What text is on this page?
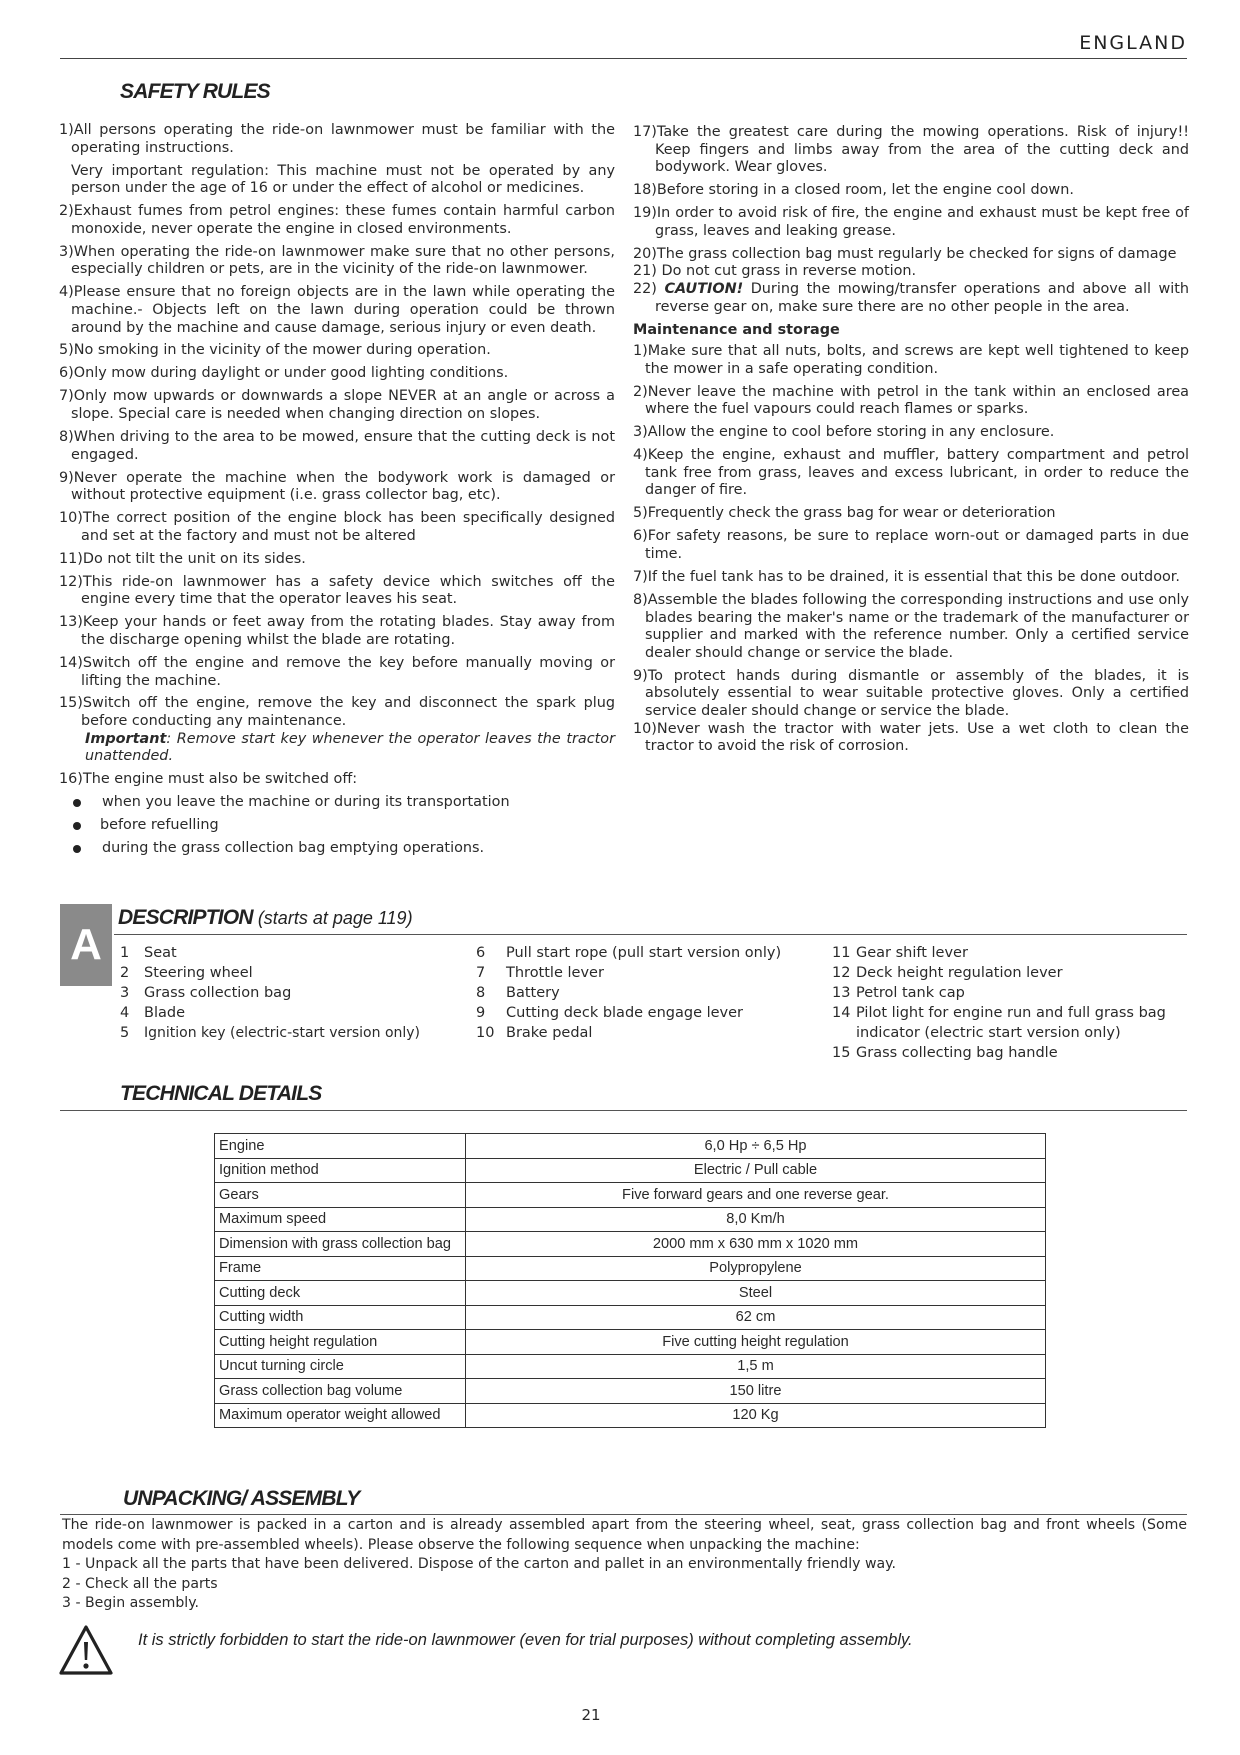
ENGLAND
SAFETY RULES

1)All persons operating the ride-on lawnmower must be familiar with the operating instructions.

Very important regulation: This machine must not be operated by any person under the age of 16 or under the effect of alcohol or medicines.

2)Exhaust fumes from petrol engines: these fumes contain harmful carbon monoxide, never operate the engine in closed environments.

3)When operating the ride-on lawnmower make sure that no other persons, especially children or pets, are in the vicinity of the ride-on lawnmower.

4)Please ensure that no foreign objects are in the lawn while operating the machine.- Objects left on the lawn during operation could be thrown around by the machine and cause damage, serious injury or even death.

5)No smoking in the vicinity of the mower during operation.

6)Only mow during daylight or under good lighting conditions.

7)Only mow upwards or downwards a slope NEVER at an angle or across a slope. Special care is needed when changing direction on slopes.

8)When driving to the area to be mowed, ensure that the cutting deck is not engaged.

9)Never operate the machine when the bodywork work is damaged or without protective equipment (i.e. grass collector bag, etc).

10)The correct position of the engine block has been specifically designed and set at the factory and must not be altered

11)Do not tilt the unit on its sides.

12)This ride-on lawnmower has a safety device which switches off the engine every time that the operator leaves his seat.

13)Keep your hands or feet away from the rotating blades. Stay away from the discharge opening whilst the blade are rotating.

14)Switch off the engine and remove the key before manually moving or lifting the machine.

15)Switch off the engine, remove the key and disconnect the spark plug before conducting any maintenance.

Important: Remove start key whenever the operator leaves the tractor unattended.

16)The engine must also be switched off:

when you leave the machine or during its transportation
before refuelling
during the grass collection bag emptying operations.

17)Take the greatest care during the mowing operations. Risk of injury!! Keep fingers and limbs away from the area of the cutting deck and bodywork. Wear gloves.

18)Before storing in a closed room, let the engine cool down.

19)In order to avoid risk of fire, the engine and exhaust must be kept free of grass, leaves and leaking grease.

20)The grass collection bag must regularly be checked for signs of damage

21) Do not cut grass in reverse motion.

22) CAUTION! During the mowing/transfer operations and above all with reverse gear on, make sure there are no other people in the area.

Maintenance and storage

1)Make sure that all nuts, bolts, and screws are kept well tightened to keep the mower in a safe operating condition.

2)Never leave the machine with petrol in the tank within an enclosed area where the fuel vapours could reach flames or sparks.

3)Allow the engine to cool before storing in any enclosure.

4)Keep the engine, exhaust and muffler, battery compartment and petrol tank free from grass, leaves and excess lubricant, in order to reduce the danger of fire.

5)Frequently check the grass bag for wear or deterioration

6)For safety reasons, be sure to replace worn-out or damaged parts in due time.

7)If the fuel tank has to be drained, it is essential that this be done outdoor.

8)Assemble the blades following the corresponding instructions and use only blades bearing the maker's name or the trademark of the manufacturer or supplier and marked with the reference number. Only a certified service dealer should change or service the blade.

9)To protect hands during dismantle or assembly of the blades, it is absolutely essential to wear suitable protective gloves. Only a certified service dealer should change or service the blade.

10)Never wash the tractor with water jets. Use a wet cloth to clean the tractor to avoid the risk of corrosion.

A
DESCRIPTION (starts at page 119)
1	Seat
2	Steering wheel
3	Grass collection bag
4	Blade
5	Ignition key (electric-start version only)
6	Pull start rope (pull start version only)
7	Throttle lever
8	Battery
9	Cutting deck blade engage lever
10 Brake pedal
11 Gear shift lever
12 Deck height regulation lever
13 Petrol tank cap
14 Pilot light for engine run and full grass bag indicator (electric start version only)
15 Grass collecting bag handle
TECHNICAL DETAILS
Engine	6,0 Hp ÷ 6,5 Hp
Ignition method	Electric / Pull cable
Gears	Five forward gears and one reverse gear.
Maximum speed	8,0 Km/h
Dimension with grass collection bag	2000 mm x 630 mm x 1020 mm
Frame	Polypropylene
Cutting deck	Steel
Cutting width	62 cm
Cutting height regulation	Five cutting height regulation
Uncut turning circle	1,5 m
Grass collection bag volume	150 litre
Maximum operator weight allowed	120 Kg
UNPACKING/ ASSEMBLY
The ride-on lawnmower is packed in a carton and is already assembled apart from the steering wheel, seat, grass collection bag and front wheels (Some models come with pre-assembled wheels). Please observe the following sequence when unpacking the machine:
1 - Unpack all the parts that have been delivered. Dispose of the carton and pallet in an environmentally friendly way.
2 - Check all the parts
3 - Begin assembly.
It is strictly forbidden to start the ride-on lawnmower (even for trial purposes) without completing assembly.
21
